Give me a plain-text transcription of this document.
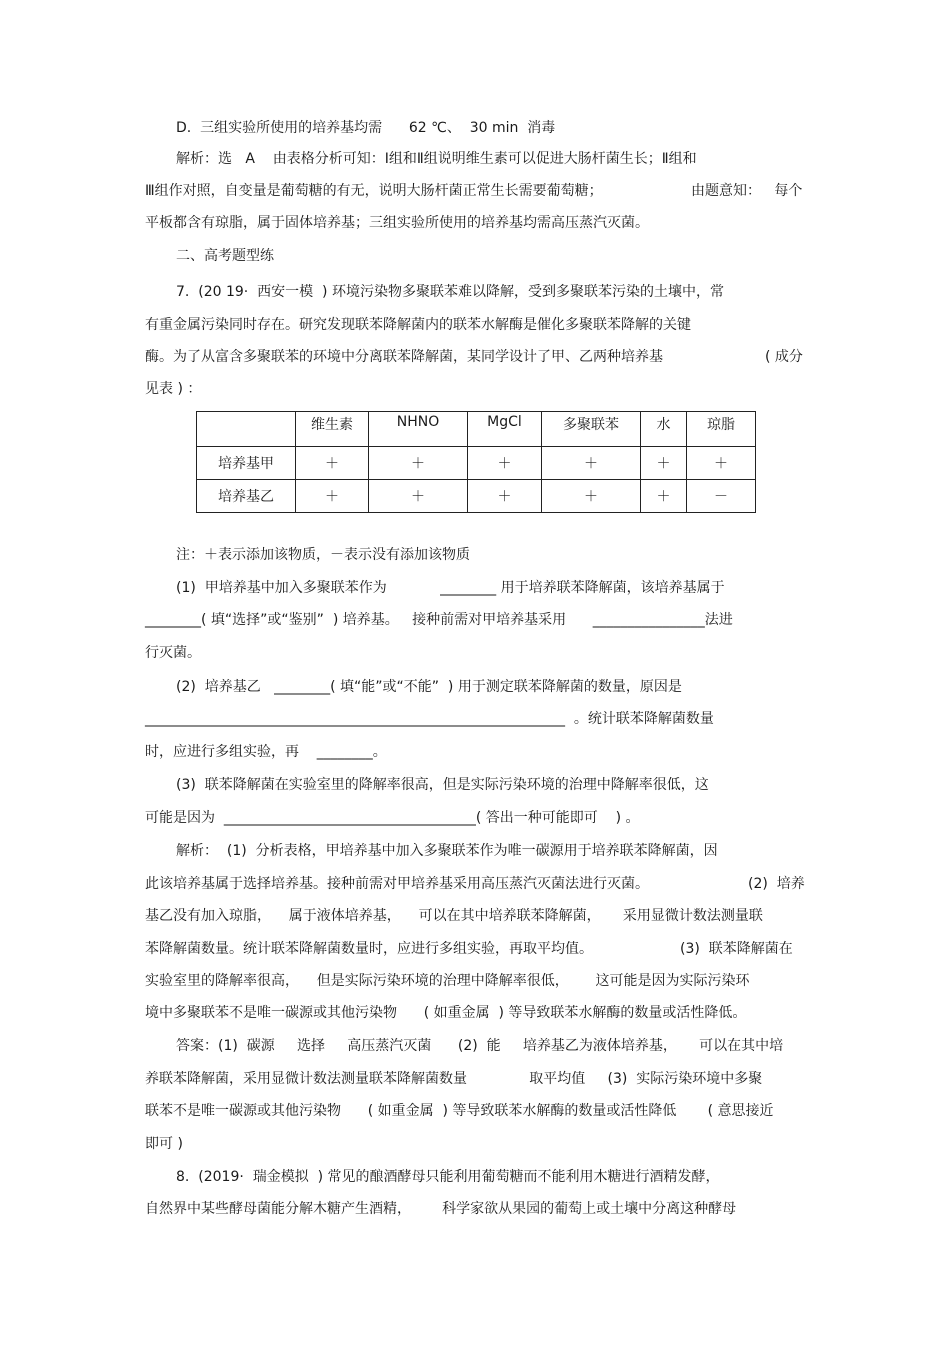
D.  三组实验所使用的培养基均需      62 ℃、  30 min  消毒
解析：选   A    由表格分析可知：Ⅰ组和Ⅱ组说明维生素可以促进大肠杆菌生长；Ⅱ组和
Ⅲ组作对照，自变量是葡萄糖的有无，说明大肠杆菌正常生长需要葡萄糖；	由题意知：   每个
平板都含有琼脂，属于固体培养基；三组实验所使用的培养基均需高压蒸汽灭菌。
二、高考题型练
7.  (20 19·  西安一模  ) 环境污染物多聚联苯难以降解，受到多聚联苯污染的土壤中，常
有重金属污染同时存在。研究发现联苯降解菌内的联苯水解酶是催化多聚联苯降解的关键
酶。为了从富含多聚联苯的环境中分离联苯降解菌，某同学设计了甲、乙两种培养基	( 成分
见表 ) ：
	维生素	NHNO	MgCl	多聚联苯	水	琼脂
培养基甲	＋	＋	＋	＋	＋	＋
培养基乙	＋	＋	＋	＋	＋	－
注：＋表示添加该物质，－表示没有添加该物质
(1)  甲培养基中加入多聚联苯作为            ________ 用于培养联苯降解菌，该培养基属于
________( 填“选择”或“鉴别”  ) 培养基。   接种前需对甲培养基采用      ________________法进
行灭菌。
(2)  培养基乙   ________( 填“能”或“不能”  ) 用于测定联苯降解菌的数量，原因是
____________________________________________________________  。统计联苯降解菌数量
时，应进行多组实验，再    ________。
(3)  联苯降解菌在实验室里的降解率很高，但是实际污染环境的治理中降解率很低，这
可能是因为  ____________________________________( 答出一种可能即可    ) 。
解析：  (1)  分析表格，甲培养基中加入多聚联苯作为唯一碳源用于培养联苯降解菌，因
此该培养基属于选择培养基。接种前需对甲培养基采用高压蒸汽灭菌法进行灭菌。	(2)  培养
基乙没有加入琼脂，    属于液体培养基，    可以在其中培养联苯降解菌，     采用显微计数法测量联
苯降解菌数量。统计联苯降解菌数量时，应进行多组实验，再取平均值。	(3)  联苯降解菌在
实验室里的降解率很高，    但是实际污染环境的治理中降解率很低，      这可能是因为实际污染环
境中多聚联苯不是唯一碳源或其他污染物      ( 如重金属  ) 等导致联苯水解酶的数量或活性降低。
答案：(1)  碳源     选择     高压蒸汽灭菌      (2)  能     培养基乙为液体培养基，     可以在其中培
养联苯降解菌，采用显微计数法测量联苯降解菌数量              取平均值     (3)  实际污染环境中多聚
联苯不是唯一碳源或其他污染物      ( 如重金属  ) 等导致联苯水解酶的数量或活性降低       ( 意思接近
即可 )
8.  (2019·  瑞金模拟  ) 常见的酿酒酵母只能利用葡萄糖而不能利用木糖进行酒精发酵，
自然界中某些酵母菌能分解木糖产生酒精，       科学家欲从果园的葡萄上或土壤中分离这种酵母
